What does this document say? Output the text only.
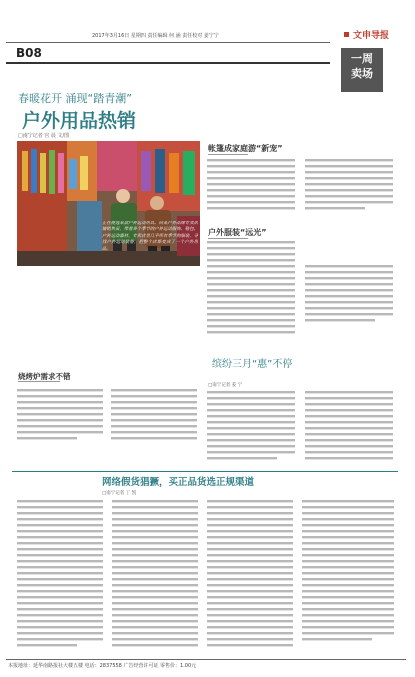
2017年3月16日 星期四 责任编辑 何 涵 责任校对 姜宁宁
B08
文申导报
一周
卖场
春暖花开 涌现“踏青潮”
户外用品热销
□南宁记者 宫 晨 文/图
正在挑选某款户外运动用具。同某户外品牌专卖店铺销售员，带着各个季节的户外运动服饰、鞋包、户外运动器材，专卖店里几乎所有季节的服装、寻找户外运动装备，把整个店都变成了一个户外用品。
帐篷成家庭游“新宠”
户外服装“远光”
缤纷三月“惠”不停
□南宁记者 姜 宁
烧烤炉需求不错
网络假货猖獗，买正品货选正规渠道
□南宁记者 丁 凯
本报地址：延华南路报社大楼五楼 电话：2837558 广告经营许可证 零售价：1.00元
